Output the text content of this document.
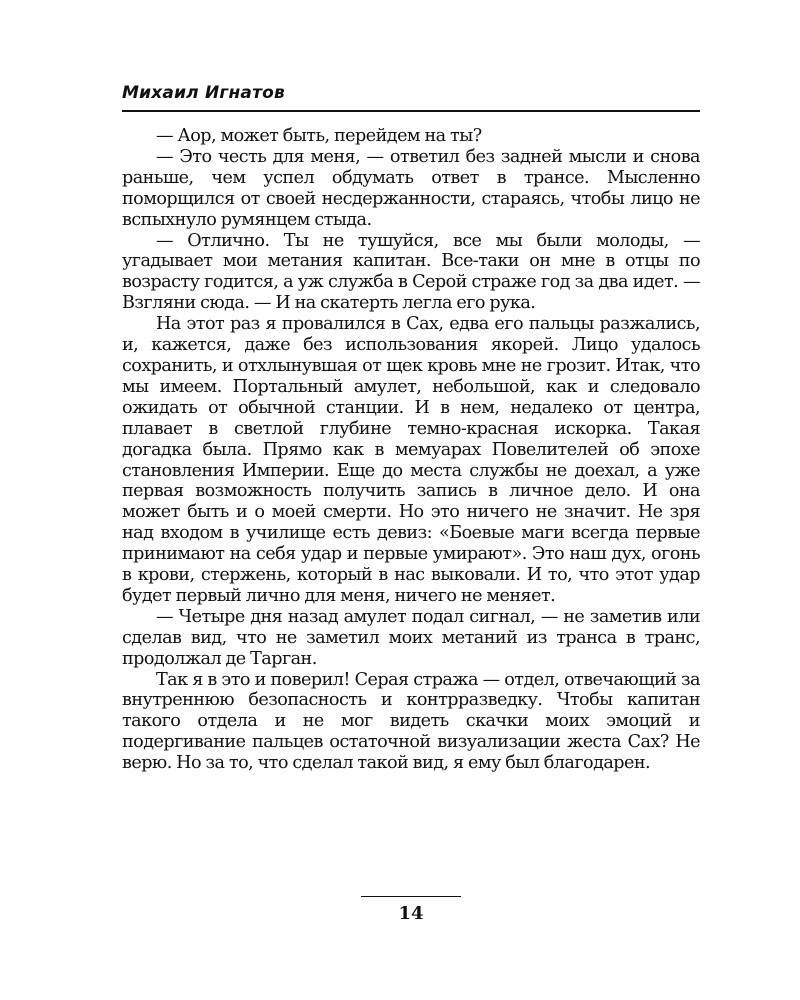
Михаил Игнатов

— Аор, может быть, перейдем на ты?

— Это честь для меня, — ответил без задней мысли и снова раньше, чем успел обдумать ответ в трансе. Мысленно поморщился от своей несдержанности, стараясь, чтобы лицо не вспыхнуло румянцем стыда.

— Отлично. Ты не тушуйся, все мы были молоды, — угадывает мои метания капитан. Все-таки он мне в отцы по возрасту годится, а уж служба в Серой страже год за два идет. — Взгляни сюда. — И на скатерть легла его рука.

На этот раз я провалился в Сах, едва его пальцы разжались, и, кажется, даже без использования якорей. Лицо удалось сохранить, и отхлынувшая от щек кровь мне не грозит. Итак, что мы имеем. Портальный амулет, небольшой, как и следовало ожидать от обычной станции. И в нем, недалеко от центра, плавает в светлой глубине темно-красная искорка. Такая догадка была. Прямо как в мемуарах Повелителей об эпохе становления Империи. Еще до места службы не доехал, а уже первая возможность получить запись в личное дело. И она может быть и о моей смерти. Но это ничего не значит. Не зря над входом в училище есть девиз: «Боевые маги всегда первые принимают на себя удар и первые умирают». Это наш дух, огонь в крови, стержень, который в нас выковали. И то, что этот удар будет первый лично для меня, ничего не меняет.

— Четыре дня назад амулет подал сигнал, — не заметив или сделав вид, что не заметил моих метаний из транса в транс, продолжал де Тарган.

Так я в это и поверил! Серая стража — отдел, отвечающий за внутреннюю безопасность и контрразведку. Чтобы капитан такого отдела и не мог видеть скачки моих эмоций и подергивание пальцев остаточной визуализации жеста Сах? Не верю. Но за то, что сделал такой вид, я ему был благодарен.

14
